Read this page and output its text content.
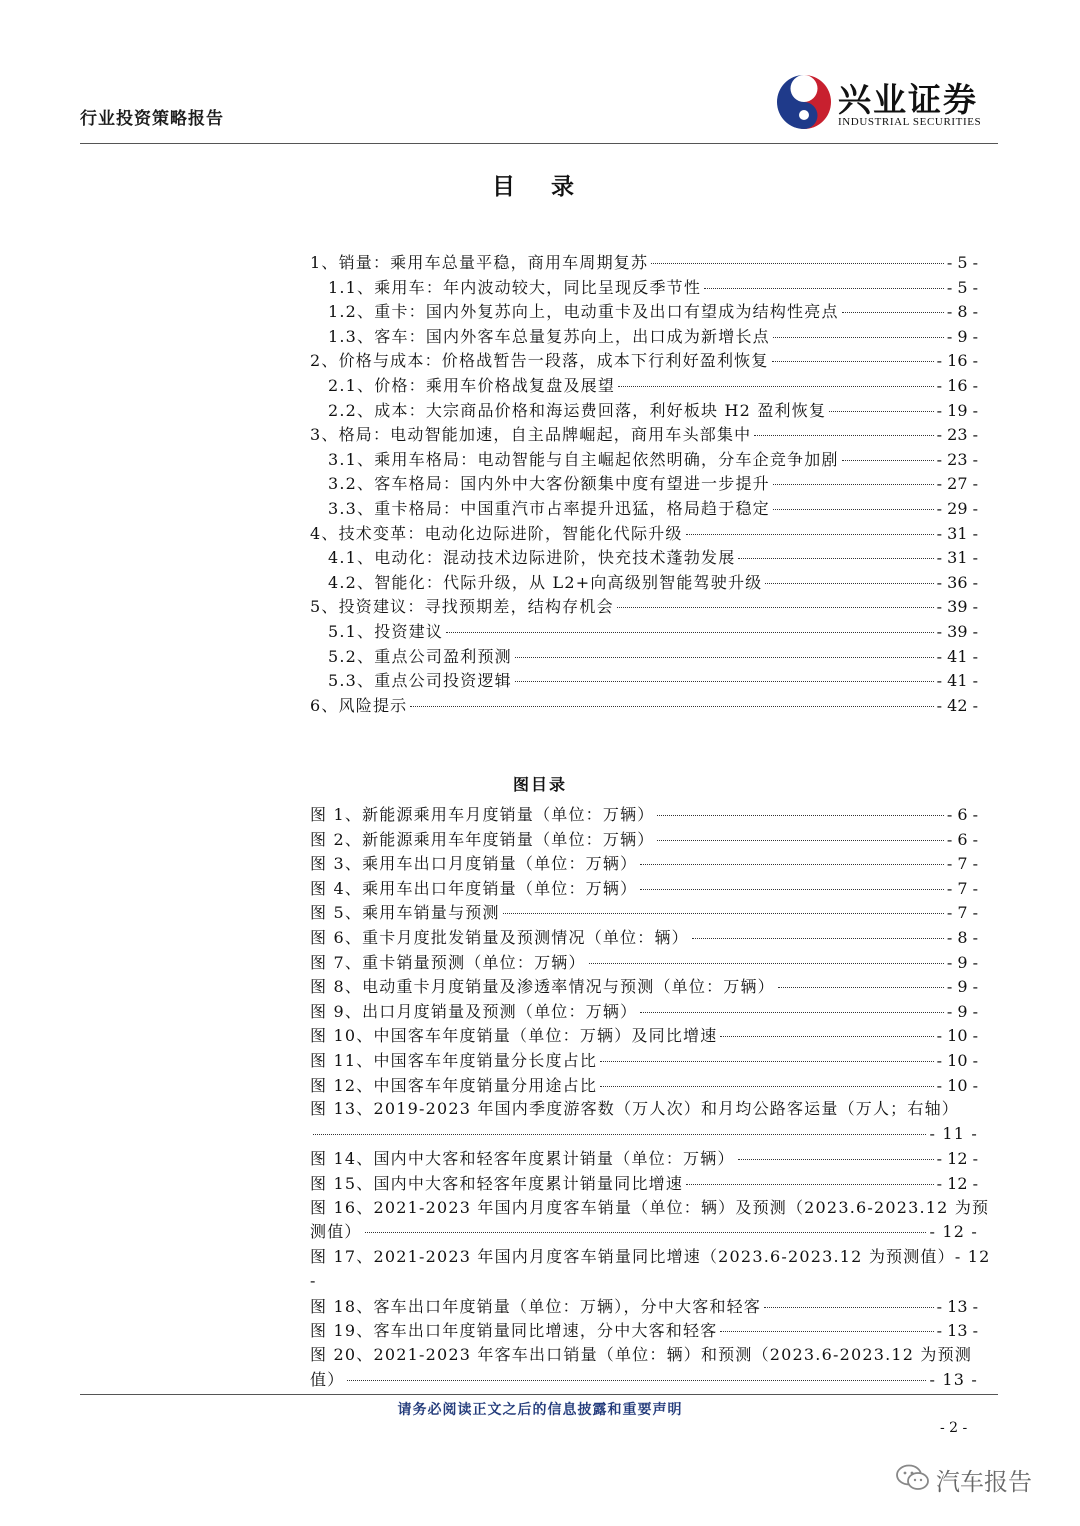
行业投资策略报告	兴业证券
INDUSTRIAL SECURITIES
目 录
1、销量：乘用车总量平稳，商用车周期复苏	- 5 -
1.1、乘用车：年内波动较大，同比呈现反季节性	- 5 -
1.2、重卡：国内外复苏向上，电动重卡及出口有望成为结构性亮点	- 8 -
1.3、客车：国内外客车总量复苏向上，出口成为新增长点	- 9 -
2、价格与成本：价格战暂告一段落，成本下行利好盈利恢复	- 16 -
2.1、价格：乘用车价格战复盘及展望	- 16 -
2.2、成本：大宗商品价格和海运费回落，利好板块 H2 盈利恢复	- 19 -
3、格局：电动智能加速，自主品牌崛起，商用车头部集中	- 23 -
3.1、乘用车格局：电动智能与自主崛起依然明确，分车企竞争加剧	- 23 -
3.2、客车格局：国内外中大客份额集中度有望进一步提升	- 27 -
3.3、重卡格局：中国重汽市占率提升迅猛，格局趋于稳定	- 29 -
4、技术变革：电动化边际进阶，智能化代际升级	- 31 -
4.1、电动化：混动技术边际进阶，快充技术蓬勃发展	- 31 -
4.2、智能化：代际升级，从 L2+向高级别智能驾驶升级	- 36 -
5、投资建议：寻找预期差，结构存机会	- 39 -
5.1、投资建议	- 39 -
5.2、重点公司盈利预测	- 41 -
5.3、重点公司投资逻辑	- 41 -
6、风险提示	- 42 -
图目录
图 1、新能源乘用车月度销量（单位：万辆）	- 6 -
图 2、新能源乘用车年度销量（单位：万辆）	- 6 -
图 3、乘用车出口月度销量（单位：万辆）	- 7 -
图 4、乘用车出口年度销量（单位：万辆）	- 7 -
图 5、乘用车销量与预测	- 7 -
图 6、重卡月度批发销量及预测情况（单位：辆）	- 8 -
图 7、重卡销量预测（单位：万辆）	- 9 -
图 8、电动重卡月度销量及渗透率情况与预测（单位：万辆）	- 9 -
图 9、出口月度销量及预测（单位：万辆）	- 9 -
图 10、中国客车年度销量（单位：万辆）及同比增速	- 10 -
图 11、中国客车年度销量分长度占比	- 10 -
图 12、中国客车年度销量分用途占比	- 10 -
图 13、2019-2023 年国内季度游客数（万人次）和月均公路客运量（万人；右轴）
- 11 -
图 14、国内中大客和轻客年度累计销量（单位：万辆）	- 12 -
图 15、国内中大客和轻客年度累计销量同比增速	- 12 -
图 16、2021-2023 年国内月度客车销量（单位：辆）及预测（2023.6-2023.12 为预
测值）	- 12 -
图 17、2021-2023 年国内月度客车销量同比增速（2023.6-2023.12 为预测值）- 12
-
图 18、客车出口年度销量（单位：万辆），分中大客和轻客	- 13 -
图 19、客车出口年度销量同比增速，分中大客和轻客	- 13 -
图 20、2021-2023 年客车出口销量（单位：辆）和预测（2023.6-2023.12 为预测
值）	- 13 -
请务必阅读正文之后的信息披露和重要声明
- 2 -
汽车报告
